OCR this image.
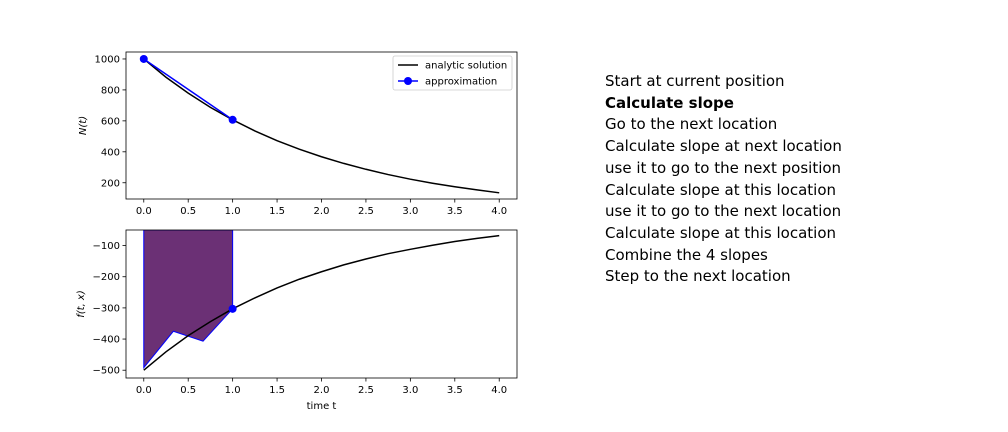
0.0	0.5	1.0	1.5	2.0	2.5	3.0	3.5	4.0
200
400
600
800
1000
N(t)
analytic solution
approximation
0.0	0.5	1.0	1.5	2.0	2.5	3.0	3.5	4.0
−500
−400
−300
−200
−100
f(t, x)
time t
Start at current position
Calculate slope
Go to the next location
Calculate slope at next location
use it to go to the next position
Calculate slope at this location
use it to go to the next location
Calculate slope at this location
Combine the 4 slopes
Step to the next location
